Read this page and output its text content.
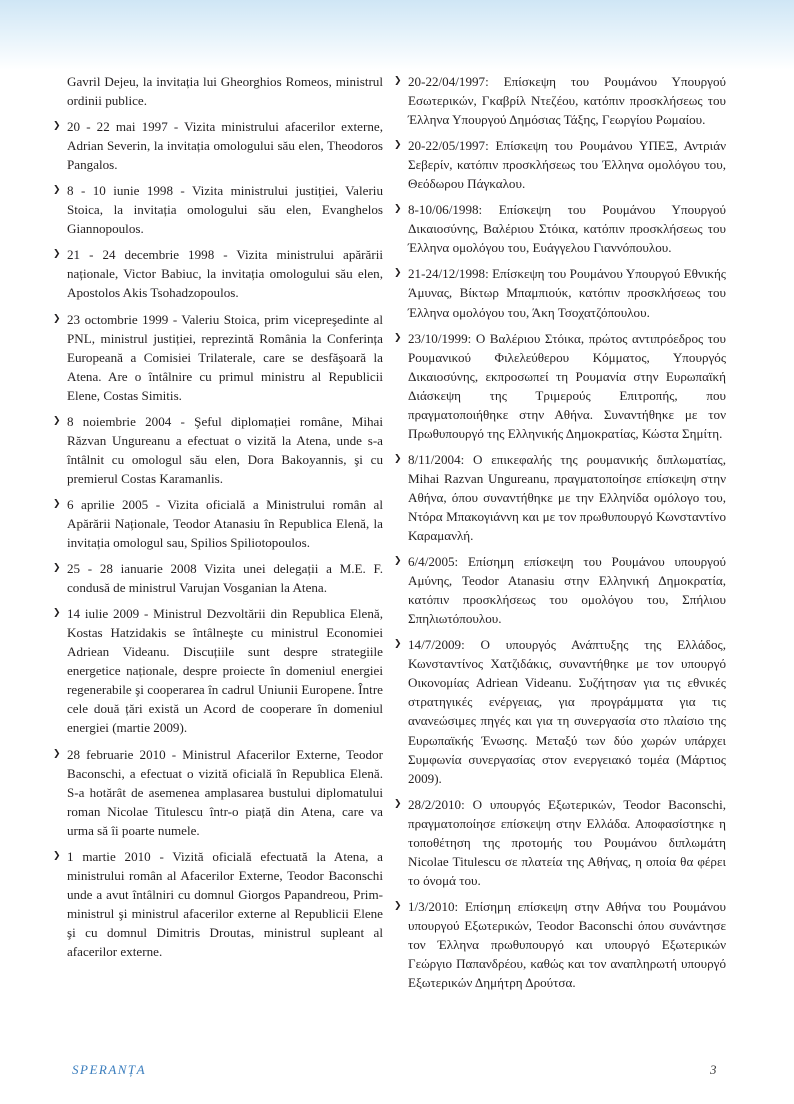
Gavril Dejeu, la invitația lui Gheorghios Romeos, ministrul ordinii publice.

❯ 20 - 22 mai 1997 - Vizita ministrului afacerilor externe, Adrian Severin, la invitația omologului său elen, Theodoros Pangalos.

❯ 8 - 10 iunie 1998 - Vizita ministrului justiției, Valeriu Stoica, la invitația omologului său elen, Evanghelos Giannopoulos.

❯ 21 - 24 decembrie 1998 - Vizita ministrului apărării naționale, Victor Babiuc, la invitația omologului său elen, Apostolos Akis Tsohadzopoulos.

❯ 23 octombrie 1999 - Valeriu Stoica, prim vicepreşedinte al PNL, ministrul justiției, reprezintă România la Conferința Europeană a Comisiei Trilaterale, care se desfăşoară la Atena. Are o întâlnire cu primul ministru al Republicii Elene, Costas Simitis.

❯ 8 noiembrie 2004 - Şeful diplomației române, Mihai Răzvan Ungureanu a efectuat o vizită la Atena, unde s-a întâlnit cu omologul său elen, Dora Bakoyannis, şi cu premierul Costas Karamanlis.

❯ 6 aprilie 2005 - Vizita oficială a Ministrului român al Apărării Naționale, Teodor Atanasiu în Republica Elenă, la invitația omologul sau, Spilios Spiliotopoulos.

❯ 25 - 28 ianuarie 2008 Vizita unei delegații a M.E. F. condusă de ministrul Varujan Vosganian la Atena.

❯ 14 iulie 2009 - Ministrul Dezvoltării din Republica Elenă, Kostas Hatzidakis se întâlneşte cu ministrul Economiei Adriean Videanu. Discuțiile sunt despre strategiile energetice naționale, despre proiecte în domeniul energiei regenerabile şi cooperarea în cadrul Uniunii Europene. Între cele două țări există un Acord de cooperare în domeniul energiei (martie 2009).

❯ 28 februarie 2010 - Ministrul Afacerilor Externe, Teodor Baconschi, a efectuat o vizită oficială în Republica Elenă. S-a hotărât de asemenea amplasarea bustului diplomatului roman Nicolae Titulescu într-o piață din Atena, care va urma să îi poarte numele.

❯ 1 martie 2010 - Vizită oficială efectuată la Atena, a ministrului român al Afacerilor Externe, Teodor Baconschi unde a avut întâlniri cu domnul Giorgos Papandreou, Prim-ministrul şi ministrul afacerilor externe al Republicii Elene şi cu domnul Dimitris Droutas, ministrul supleant al afacerilor externe.

❯ 20-22/04/1997: Επίσκεψη του Ρουμάνου Υπουργού Εσωτερικών, Γκαβρίλ Ντεζέου, κατόπιν προσκλήσεως του Έλληνα Υπουργού Δημόσιας Τάξης, Γεωργίου Ρωμαίου.

❯ 20-22/05/1997: Επίσκεψη του Ρουμάνου ΥΠΕΞ, Αντριάν Σεβερίν, κατόπιν προσκλήσεως του Έλληνα ομολόγου του, Θεόδωρου Πάγκαλου.

❯ 8-10/06/1998: Επίσκεψη του Ρουμάνου Υπουργού Δικαιοσύνης, Βαλέριου Στόικα, κατόπιν προσκλήσεως του Έλληνα ομολόγου του, Ευάγγελου Γιαννόπουλου.

❯ 21-24/12/1998: Επίσκεψη του Ρουμάνου Υπουργού Εθνικής Άμυνας, Βίκτωρ Μπαμπιούκ, κατόπιν προσκλήσεως του Έλληνα ομολόγου του, Άκη Τσοχατζόπουλου.

❯ 23/10/1999: Ο Βαλέριου Στόικα, πρώτος αντιπρόεδρος του Ρουμανικού Φιλελεύθερου Κόμματος, Υπουργός Δικαιοσύνης, εκπροσωπεί τη Ρουμανία στην Ευρωπαϊκή Διάσκεψη της Τριμερούς Επιτροπής, που πραγματοποιήθηκε στην Αθήνα. Συναντήθηκε με τον Πρωθυπουργό της Ελληνικής Δημοκρατίας, Κώστα Σημίτη.

❯ 8/11/2004: Ο επικεφαλής της ρουμανικής διπλωματίας, Mihai Razvan Ungureanu, πραγματοποίησε επίσκεψη στην Αθήνα, όπου συναντήθηκε με την Ελληνίδα ομόλογο του, Ντόρα Μπακογιάννη και με τον πρωθυπουργό Κωνσταντίνο Καραμανλή.

❯ 6/4/2005: Επίσημη επίσκεψη του Ρουμάνου υπουργού Αμύνης, Teodor Atanasiu στην Ελληνική Δημοκρατία, κατόπιν προσκλήσεως του ομολόγου του, Σπήλιου Σπηλιωτόπουλου.

❯ 14/7/2009: Ο υπουργός Ανάπτυξης της Ελλάδος, Κωνσταντίνος Χατζιδάκις, συναντήθηκε με τον υπουργό Οικονομίας Adriean Videanu. Συζήτησαν για τις εθνικές στρατηγικές ενέργειας, για προγράμματα για τις ανανεώσιμες πηγές και για τη συνεργασία στο πλαίσιο της Ευρωπαϊκής Ένωσης. Μεταξύ των δύο χωρών υπάρχει Συμφωνία συνεργασίας στον ενεργειακό τομέα (Μάρτιος 2009).

❯ 28/2/2010: Ο υπουργός Εξωτερικών, Teodor Baconschi, πραγματοποίησε επίσκεψη στην Ελλάδα. Αποφασίστηκε η τοποθέτηση της προτομής του Ρουμάνου διπλωμάτη Nicolae Titulescu σε πλατεία της Αθήνας, η οποία θα φέρει το όνομά του.

❯ 1/3/2010: Επίσημη επίσκεψη στην Αθήνα του Ρουμάνου υπουργού Εξωτερικών, Teodor Baconschi όπου συνάντησε τον Έλληνα πρωθυπουργό και υπουργό Εξωτερικών Γεώργιο Παπανδρέου, καθώς και τον αναπληρωτή υπουργό Εξωτερικών Δημήτρη Δρούτσα.

SPERANȚA	3
